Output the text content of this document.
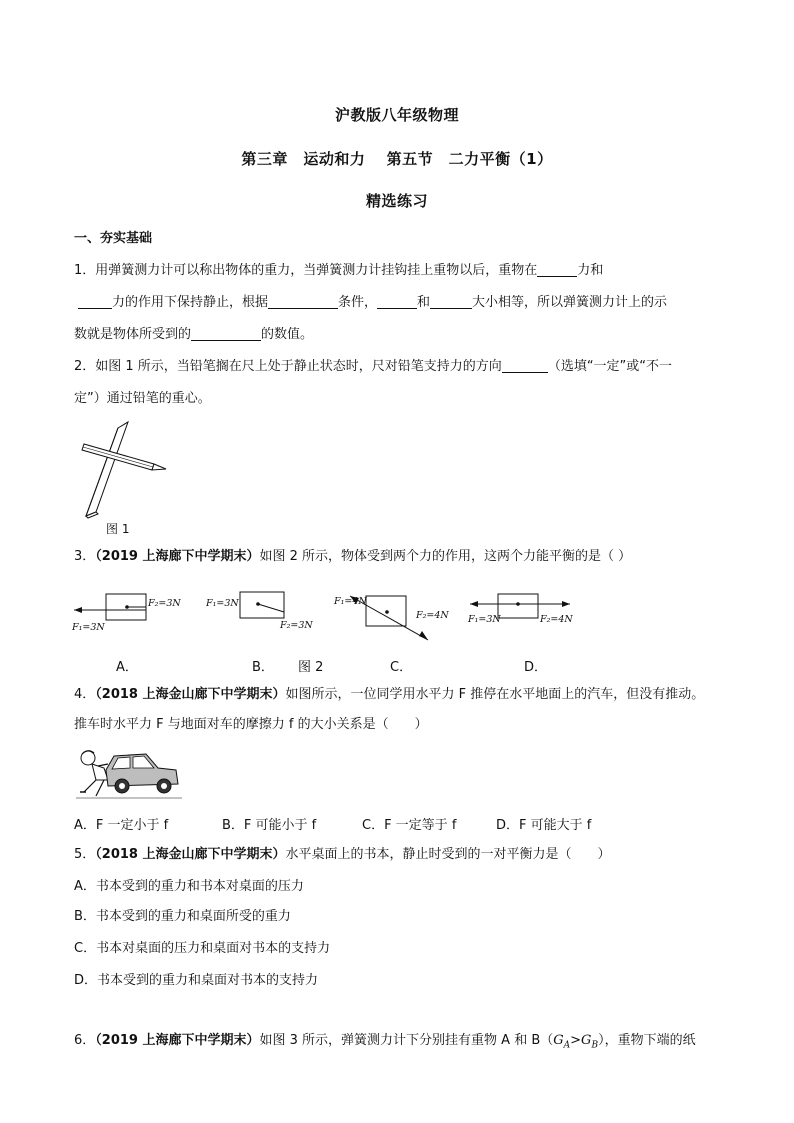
沪教版八年级物理
第三章　运动和力　 第五节　二力平衡（1）
精选练习
一、夯实基础
1．用弹簧测力计可以称出物体的重力，当弹簧测力计挂钩挂上重物以后，重物在	力和
力的作用下保持静止，根据	条件，	和	大小相等，所以弹簧测力计上的示
数就是物体所受到的	的数值。
2．如图 1 所示，当铅笔搁在尺上处于静止状态时，尺对铅笔支持力的方向	（选填“一定”或“不一
定”）通过铅笔的重心。
图 1
3．（2019 上海廊下中学期末）如图 2 所示，物体受到两个力的作用，这两个力能平衡的是（ ）
F₂=3N
F₁=3N
F₁=3N
F₂=3N
F₁=4N
F₂=4N F₁=3N	F₂=4N
A．	B． 图 2	C．	D．
4．（2018 上海金山廊下中学期末）如图所示，一位同学用水平力 F 推停在水平地面上的汽车，但没有推动。
推车时水平力 F 与地面对车的摩擦力 f 的大小关系是（　　）
A．F 一定小于 f	B．F 可能小于 f	C．F 一定等于 f	D．F 可能大于 f
5．（2018 上海金山廊下中学期末）水平桌面上的书本，静止时受到的一对平衡力是（　　）
A．书本受到的重力和书本对桌面的压力
B．书本受到的重力和桌面所受的重力
C．书本对桌面的压力和桌面对书本的支持力
D．书本受到的重力和桌面对书本的支持力
6．（2019 上海廊下中学期末）如图 3 所示，弹簧测力计下分别挂有重物 A 和 $B(G_A>G_B)$，重物下端的纸
